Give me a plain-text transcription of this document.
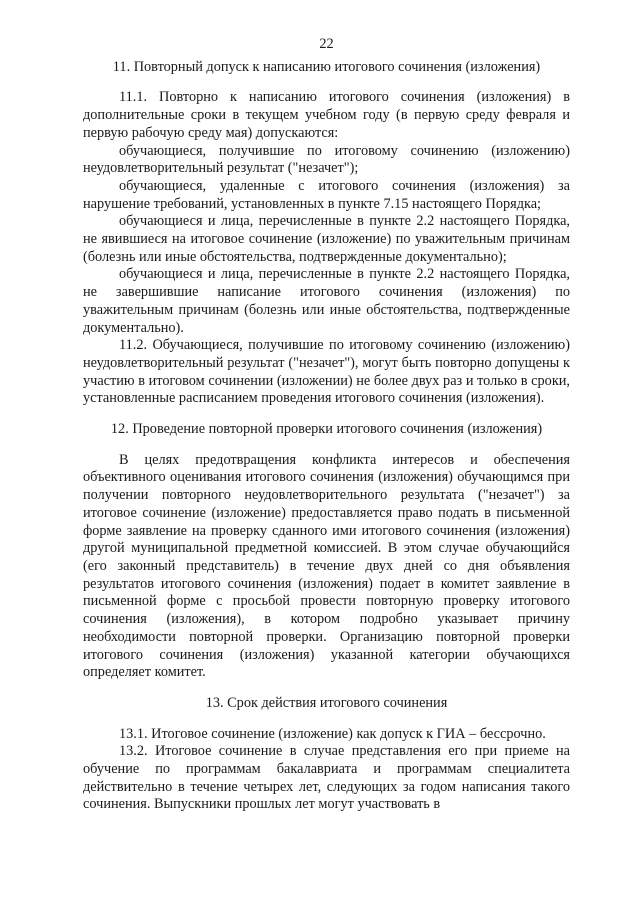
22

11. Повторный допуск к написанию итогового сочинения (изложения)

11.1. Повторно к написанию итогового сочинения (изложения) в дополнительные сроки в текущем учебном году (в первую среду февраля и первую рабочую среду мая) допускаются:

обучающиеся, получившие по итоговому сочинению (изложению) неудовлетворительный результат ("незачет");

обучающиеся, удаленные с итогового сочинения (изложения) за нарушение требований, установленных в пункте 7.15 настоящего Порядка;

обучающиеся и лица, перечисленные в пункте 2.2 настоящего Порядка, не явившиеся на итоговое сочинение (изложение) по уважительным причинам (болезнь или иные обстоятельства, подтвержденные документально);

обучающиеся и лица, перечисленные в пункте 2.2 настоящего Порядка, не завершившие написание итогового сочинения (изложения) по уважительным причинам (болезнь или иные обстоятельства, подтвержденные документально).

11.2. Обучающиеся, получившие по итоговому сочинению (изложению) неудовлетворительный результат ("незачет"), могут быть повторно допущены к участию в итоговом сочинении (изложении) не более двух раз и только в сроки, установленные расписанием проведения итогового сочинения (изложения).

12. Проведение повторной проверки итогового сочинения (изложения)

В целях предотвращения конфликта интересов и обеспечения объективного оценивания итогового сочинения (изложения) обучающимся при получении повторного неудовлетворительного результата ("незачет") за итоговое сочинение (изложение) предоставляется право подать в письменной форме заявление на проверку сданного ими итогового сочинения (изложения) другой муниципальной предметной комиссией. В этом случае обучающийся (его законный представитель) в течение двух дней со дня объявления результатов итогового сочинения (изложения) подает в комитет заявление в письменной форме с просьбой провести повторную проверку итогового сочинения (изложения), в котором подробно указывает причину необходимости повторной проверки. Организацию повторной проверки итогового сочинения (изложения) указанной категории обучающихся определяет комитет.

13. Срок действия итогового сочинения

13.1. Итоговое сочинение (изложение) как допуск к ГИА – бессрочно.

13.2. Итоговое сочинение в случае представления его при приеме на обучение по программам бакалавриата и программам специалитета действительно в течение четырех лет, следующих за годом написания такого сочинения. Выпускники прошлых лет могут участвовать в
